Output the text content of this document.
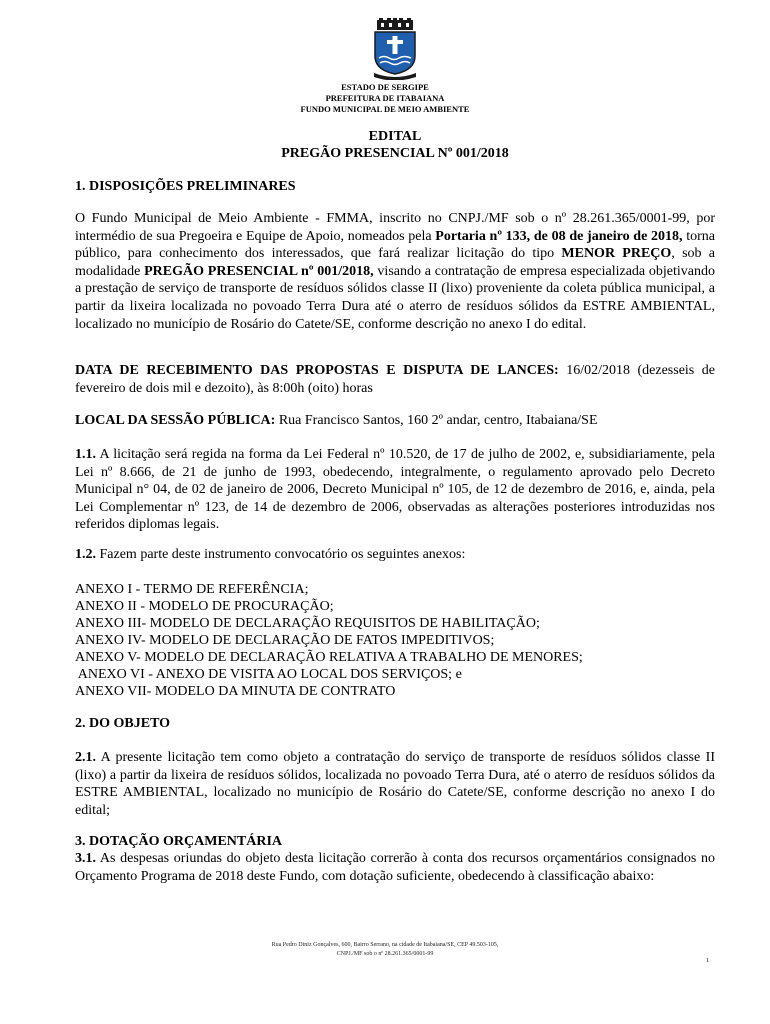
ESTADO DE SERGIPE
PREFEITURA DE ITABAIANA
FUNDO MUNICIPAL DE MEIO AMBIENTE
EDITAL
PREGÃO PRESENCIAL Nº 001/2018
1. DISPOSIÇÕES PRELIMINARES
O Fundo Municipal de Meio Ambiente - FMMA, inscrito no CNPJ./MF sob o nº 28.261.365/0001-99, por intermédio de sua Pregoeira e Equipe de Apoio, nomeados pela Portaria nº 133, de 08 de janeiro de 2018, torna público, para conhecimento dos interessados, que fará realizar licitação do tipo MENOR PREÇO, sob a modalidade PREGÃO PRESENCIAL nº 001/2018, visando a contratação de empresa especializada objetivando a prestação de serviço de transporte de resíduos sólidos classe II (lixo) proveniente da coleta pública municipal, a partir da lixeira localizada no povoado Terra Dura até o aterro de resíduos sólidos da ESTRE AMBIENTAL, localizado no município de Rosário do Catete/SE, conforme descrição no anexo I do edital.
DATA DE RECEBIMENTO DAS PROPOSTAS E DISPUTA DE LANCES: 16/02/2018 (dezesseis de fevereiro de dois mil e dezoito), às 8:00h (oito) horas
LOCAL DA SESSÃO PÚBLICA: Rua Francisco Santos, 160 2º andar, centro, Itabaiana/SE
1.1. A licitação será regida na forma da Lei Federal nº 10.520, de 17 de julho de 2002, e, subsidiariamente, pela Lei nº 8.666, de 21 de junho de 1993, obedecendo, integralmente, o regulamento aprovado pelo Decreto Municipal n° 04, de 02 de janeiro de 2006, Decreto Municipal nº 105, de 12 de dezembro de 2016, e, ainda, pela Lei Complementar nº 123, de 14 de dezembro de 2006, observadas as alterações posteriores introduzidas nos referidos diplomas legais.
1.2. Fazem parte deste instrumento convocatório os seguintes anexos:
ANEXO I - TERMO DE REFERÊNCIA;
ANEXO II - MODELO DE PROCURAÇÃO;
ANEXO III- MODELO DE DECLARAÇÃO REQUISITOS DE HABILITAÇÃO;
ANEXO IV- MODELO DE DECLARAÇÃO DE FATOS IMPEDITIVOS;
ANEXO V- MODELO DE DECLARAÇÃO RELATIVA A TRABALHO DE MENORES;
ANEXO VI - ANEXO DE VISITA AO LOCAL DOS SERVIÇOS; e
ANEXO VII- MODELO DA MINUTA DE CONTRATO
2. DO OBJETO
2.1. A presente licitação tem como objeto a contratação do serviço de transporte de resíduos sólidos classe II (lixo) a partir da lixeira de resíduos sólidos, localizada no povoado Terra Dura, até o aterro de resíduos sólidos da ESTRE AMBIENTAL, localizado no município de Rosário do Catete/SE, conforme descrição no anexo I do edital;
3. DOTAÇÃO ORÇAMENTÁRIA
3.1. As despesas oriundas do objeto desta licitação correrão à conta dos recursos orçamentários consignados no Orçamento Programa de 2018 deste Fundo, com dotação suficiente, obedecendo à classificação abaixo:
Rua Pedro Diniz Gonçalves, 600, Bairro Serrano, na cidade de Itabaiana/SE, CEP 49.503-105,
CNPJ./MF sob o nº 28.261.365/0001-99
1
